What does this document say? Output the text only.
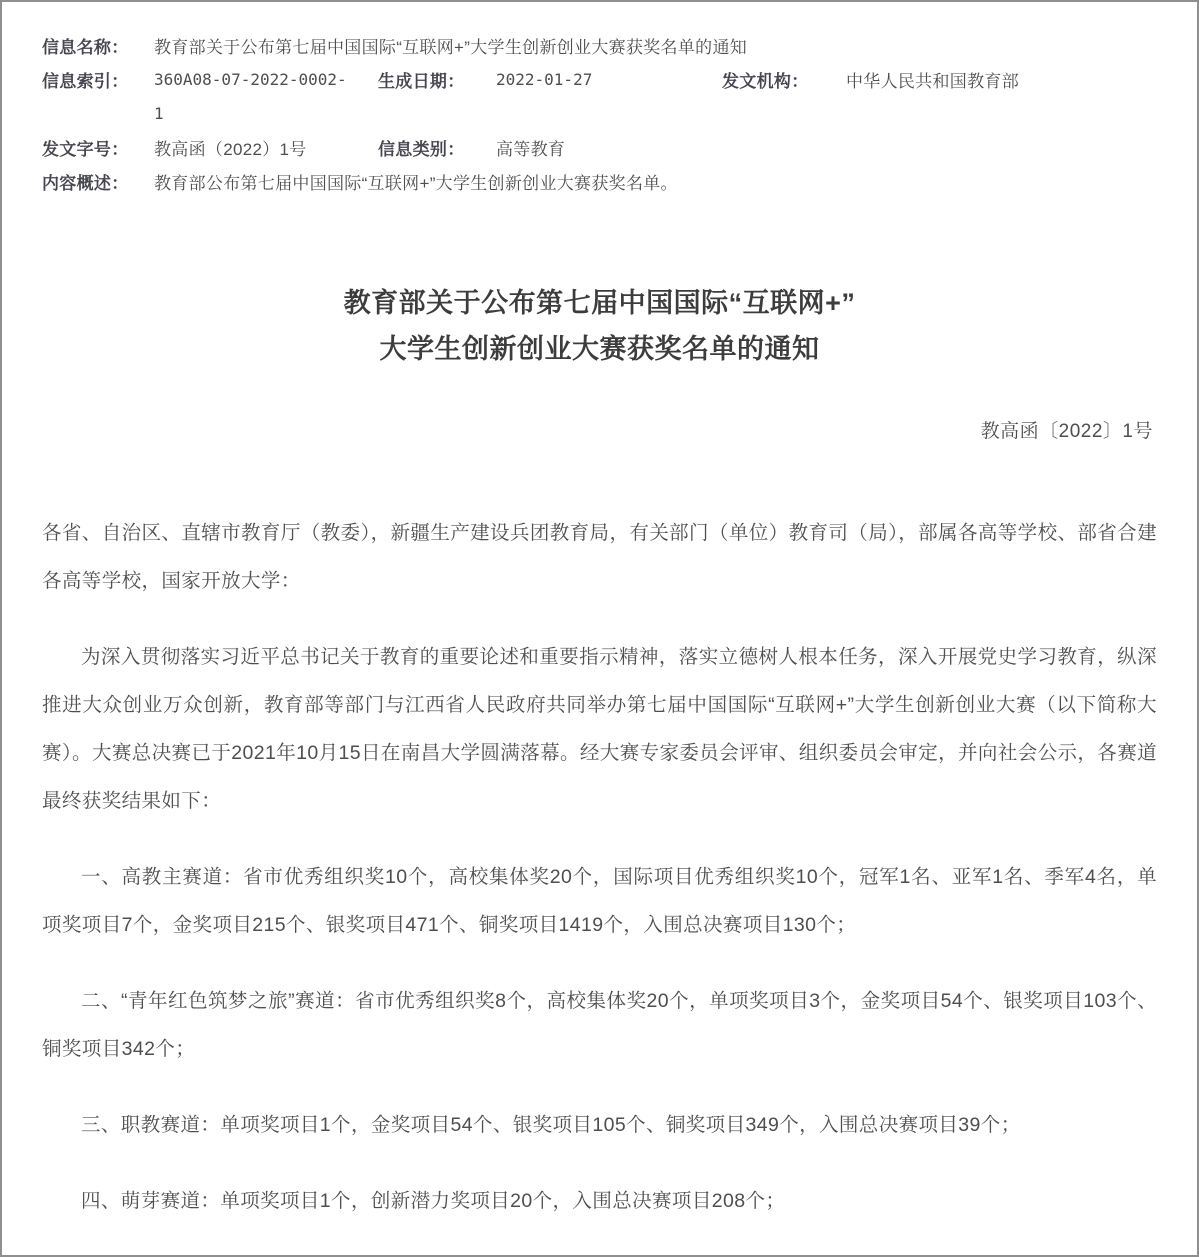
信息名称：	教育部关于公布第七届中国国际“互联网+”大学生创新创业大赛获奖名单的通知
信息索引：	360A08-07-2022-0002-	生成日期：	2022-01-27	发文机构：	中华人民共和国教育部
1
发文字号：	教高函（2022）1号	信息类别：	高等教育
内容概述：	教育部公布第七届中国国际“互联网+”大学生创新创业大赛获奖名单。
教育部关于公布第七届中国国际“互联网+”
大学生创新创业大赛获奖名单的通知
教高函〔2022〕1号

各省、自治区、直辖市教育厅（教委），新疆生产建设兵团教育局，有关部门（单位）教育司（局），部属各高等学校、部省合建各高等学校，国家开放大学：

为深入贯彻落实习近平总书记关于教育的重要论述和重要指示精神，落实立德树人根本任务，深入开展党史学习教育，纵深推进大众创业万众创新，教育部等部门与江西省人民政府共同举办第七届中国国际“互联网+”大学生创新创业大赛（以下简称大赛）。大赛总决赛已于2021年10月15日在南昌大学圆满落幕。经大赛专家委员会评审、组织委员会审定，并向社会公示，各赛道最终获奖结果如下：

一、高教主赛道：省市优秀组织奖10个，高校集体奖20个，国际项目优秀组织奖10个，冠军1名、亚军1名、季军4名，单项奖项目7个，金奖项目215个、银奖项目471个、铜奖项目1419个，入围总决赛项目130个；

二、“青年红色筑梦之旅”赛道：省市优秀组织奖8个，高校集体奖20个，单项奖项目3个，金奖项目54个、银奖项目103个、铜奖项目342个；

三、职教赛道：单项奖项目1个，金奖项目54个、银奖项目105个、铜奖项目349个，入围总决赛项目39个；

四、萌芽赛道：单项奖项目1个，创新潜力奖项目20个，入围总决赛项目208个；
